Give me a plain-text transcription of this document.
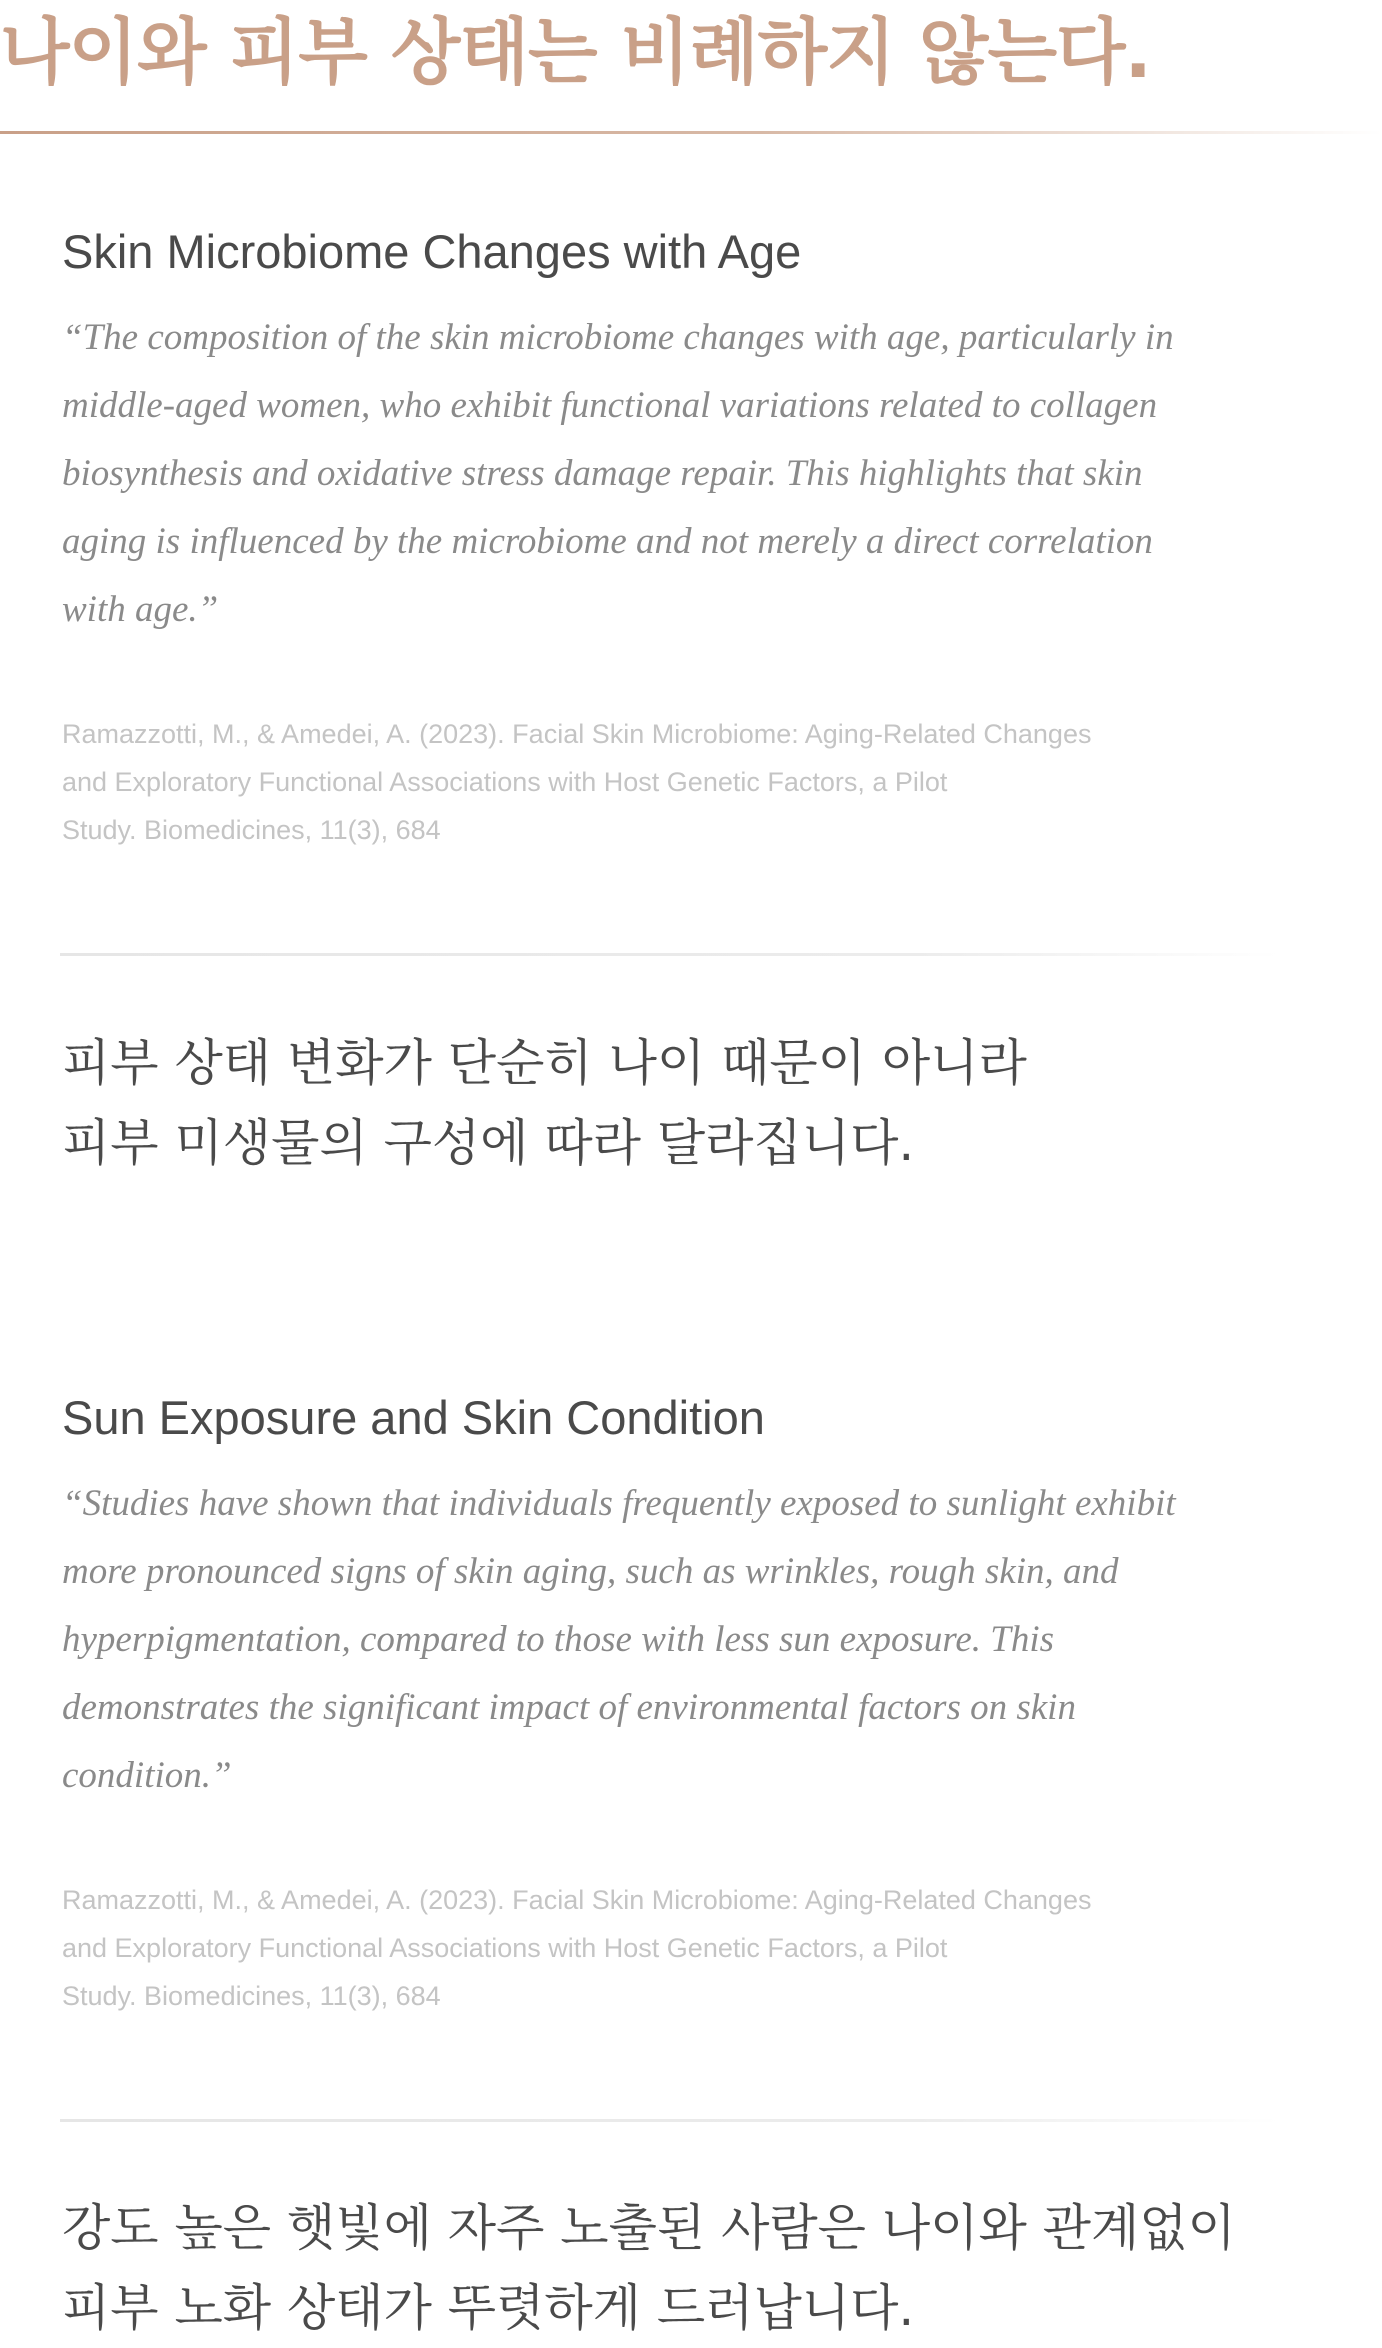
나이와 피부 상태는 비례하지 않는다.
Skin Microbiome Changes with Age

“The composition of the skin microbiome changes with age, particularly in middle-aged women, who exhibit functional variations related to collagen biosynthesis and oxidative stress damage repair. This highlights that skin aging is influenced by the microbiome and not merely a direct correlation with age.”

Ramazzotti, M., & Amedei, A. (2023). Facial Skin Microbiome: Aging-Related Changes
and Exploratory Functional Associations with Host Genetic Factors, a Pilot
Study. Biomedicines, 11(3), 684

피부 상태 변화가 단순히 나이 때문이 아니라
피부 미생물의 구성에 따라 달라집니다.

Sun Exposure and Skin Condition

“Studies have shown that individuals frequently exposed to sunlight exhibit more pronounced signs of skin aging, such as wrinkles, rough skin, and hyperpigmentation, compared to those with less sun exposure. This demonstrates the significant impact of environmental factors on skin condition.”

Ramazzotti, M., & Amedei, A. (2023). Facial Skin Microbiome: Aging-Related Changes
and Exploratory Functional Associations with Host Genetic Factors, a Pilot
Study. Biomedicines, 11(3), 684

강도 높은 햇빛에 자주 노출된 사람은 나이와 관계없이
피부 노화 상태가 뚜렷하게 드러납니다.
